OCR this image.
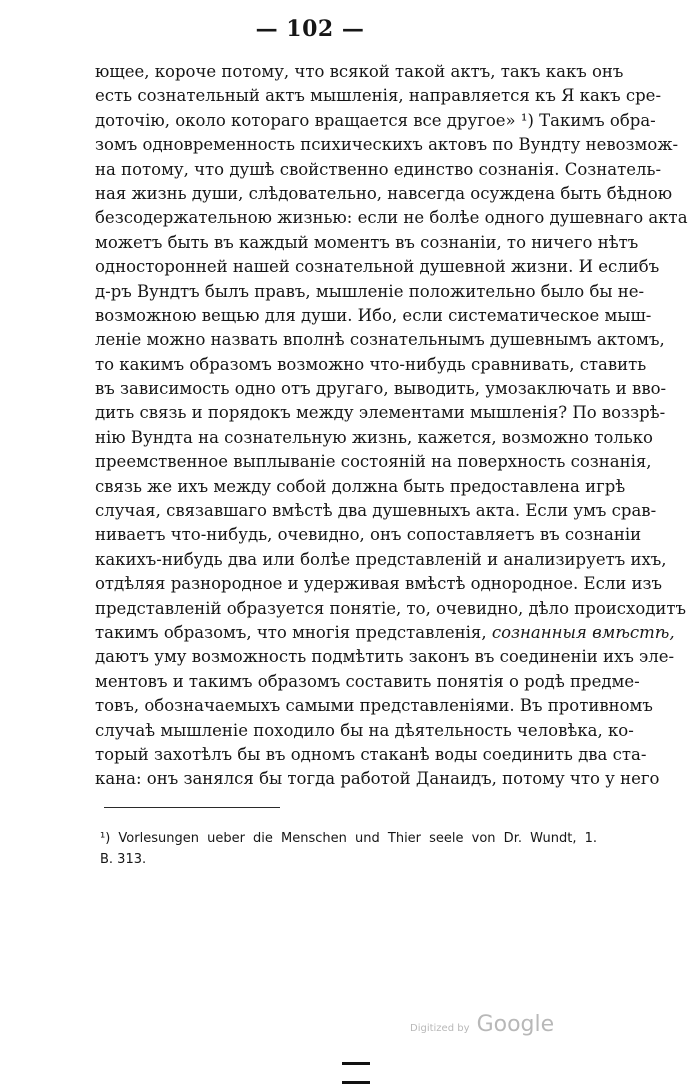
— 102 —
ющее, короче потому, что всякой такой актъ, такъ какъ онъ
есть сознательный актъ мышленія, направляется къ Я какъ сре-
доточію, около котораго вращается все другое» ¹) Такимъ обра-
зомъ одновременность психическихъ актовъ по Вундту невозмож-
на потому, что душѣ свойственно единство сознанія. Сознатель-
ная жизнь души, слѣдовательно, навсегда осуждена быть бѣдною
безсодержательною жизнью: если не болѣе одного душевнаго акта
можетъ быть въ каждый моментъ въ сознаніи, то ничего нѣтъ
односторонней нашей сознательной душевной жизни. И еслибъ
д-ръ Вундтъ былъ правъ, мышленіе положительно было бы не-
возможною вещью для души. Ибо, если систематическое мыш-
леніе можно назвать вполнѣ сознательнымъ душевнымъ актомъ,
то какимъ образомъ возможно что-нибудь сравнивать, ставить
въ зависимость одно отъ другаго, выводить, умозаключать и вво-
дить связь и порядокъ между элементами мышленія? По воззрѣ-
нію Вундта на сознательную жизнь, кажется, возможно только
преемственное выплываніе состояній на поверхность сознанія,
связь же ихъ между собой должна быть предоставлена игрѣ
случая, связавшаго вмѣстѣ два душевныхъ акта. Если умъ срав-
ниваетъ что-нибудь, очевидно, онъ сопоставляетъ въ сознаніи
какихъ-нибудь два или болѣе представленій и анализируетъ ихъ,
отдѣляя разнородное и удерживая вмѣстѣ однородное. Если изъ
представленій образуется понятіе, то, очевидно, дѣло происходитъ
такимъ образомъ, что многія представленія, сознанныя вмѣстѣ,
даютъ уму возможность подмѣтить законъ въ соединеніи ихъ эле-
ментовъ и такимъ образомъ составить понятія о родѣ предме-
товъ, обозначаемыхъ самыми представленіями. Въ противномъ
случаѣ мышленіе походило бы на дѣятельность человѣка, ко-
торый захотѣлъ бы въ одномъ стаканѣ воды соединить два ста-
кана: онъ занялся бы тогда работой Данаидъ, потому что у него
¹) Vorlesungen ueber die Menschen und Thier seele von Dr. Wundt, 1.
B. 313.
Digitized by Google
